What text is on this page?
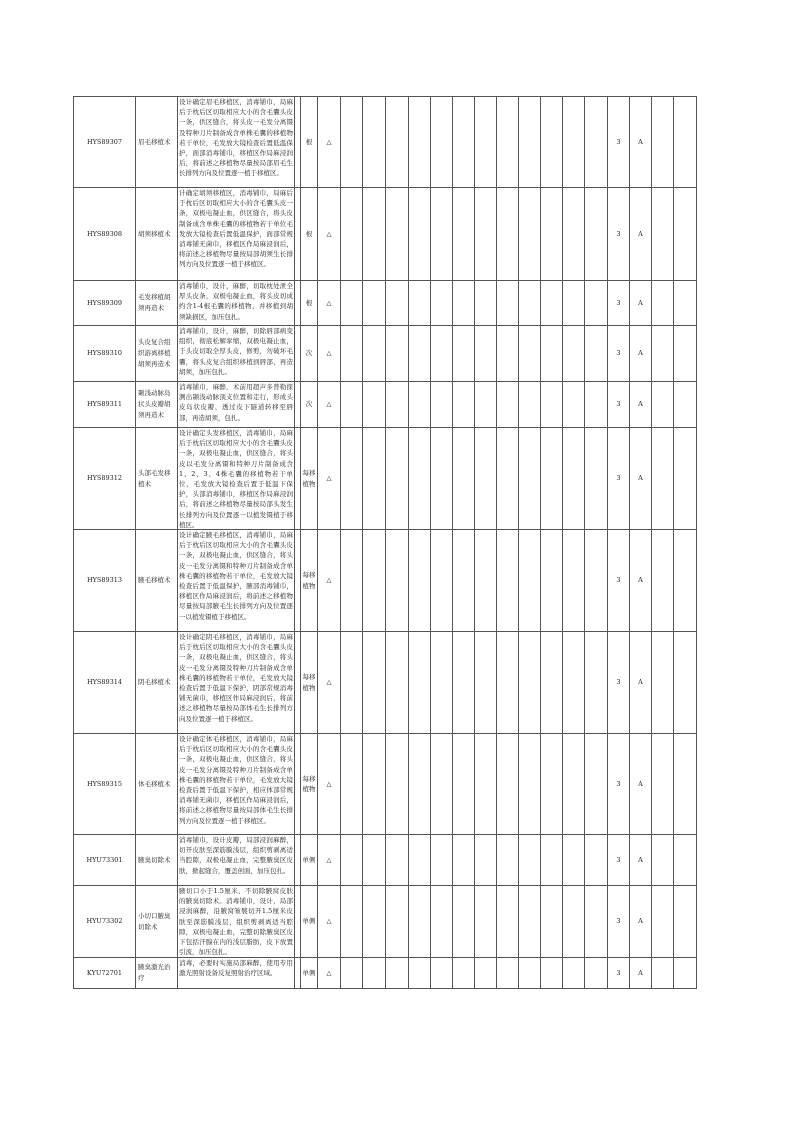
HYS89307	眉毛移植术	设计确定眉毛移植区，消毒铺巾，局麻后于枕后区切取相应大小的含毛囊头皮一条，供区缝合，将头皮一毛发分离镊及特种刀片制备成含单株毛囊的移植物若干单位，毛发放大镜检查后置低温保护，面部消毒铺巾，移植区作局麻浸润后，将前述之移植物尽量按局部眉毛生长排列方向及位置逐一植于移植区。		根	△													3	A		
HYS89308	胡须移植术	计确定胡须移植区，消毒铺巾，局麻后于枕后区切取相应大小的含毛囊头皮一条，双极电凝止血，供区缝合，将头皮制备成含单株毛囊的移植物若干单位毛发放大镜检查后置低温保护，面部常规消毒铺无菌巾，移植区作局麻浸润后，将前述之移植物尽量按局部胡须生长排列方向及位置逐一植于移植区。		根	△													3	A		
HYS89309	毛发移植胡须再造术	消毒铺巾，设计，麻醉，切取枕处泄全厚头皮条，双极电凝止血，将头皮切成约含1-4根毛囊的移植物，并移植到胡须缺损区，加压包扎。		根	△													3	A		
HYS89310	头皮复合组织游离移植胡须再造术	消毒铺巾，设计，麻醉，切除唇部病变组织，彻底松解挛缩，双极电凝止血，于头皮切取全厚头皮，修剪，勿破坏毛囊，将头皮复合组织移植到唇部，再造胡须，加压包扎。		次	△													3	A		
HYS89311	颞浅动脉岛状头皮瓣胡须再造术	消毒铺巾，麻醉，术前用超声多普勒探测出颞浅动脉顶支位置和走行，形成头皮岛状皮瓣，透过皮下隧道转移至唇部，再造胡须，包扎。		次	△													3	A		
HYS89312	头部毛发移植术	设计确定头发移植区，消毒铺巾，局麻后于枕后区切取相应大小的含毛囊头皮一条，双极电凝止血，供区缝合，将头皮以毛发分离镊和特种刀片制备成含1、2、3、4株毛囊的移植物若干单位，毛发放大镜检查后置于低温下保护，头部消毒铺巾，移植区作局麻浸润后，将前述之移植物尽量按局部头发生长排列方向及位置逐一以植发镊植于移植区。		每移植物	△													3	A		
HYS89313	腋毛移植术	设计确定腋毛移植区，消毒铺巾，局麻后于枕后区切取相应大小的含毛囊头皮一条，双极电凝止血，供区缝合，将头皮一毛发分离镊和特种刀片制备成含单株毛囊的移植物若干单位，毛发放大镜检查后置于低温保护，腋部消毒铺巾，移植区作局麻浸润后，将前述之移植物尽量按局部腋毛生长排列方向及位置逐一以植发镊植于移植区。		每移植物	△													3	A		
HYS89314	阴毛移植术	设计确定阴毛移植区，消毒铺巾，局麻后于枕后区切取相应大小的含毛囊头皮一条，双极电凝止血，供区缝合，将头皮一毛发分离镊及特种刀片制备成含单株毛囊的移植物若干单位，毛发放大镜检查后置于低温下保护，阴部常规消毒铺无菌巾，移植区作局麻浸润后，将前述之移植物尽量按局部体毛生长排列方向及位置逐一植于移植区。		每移植物	△													3	A		
HYS89315	体毛移植术	设计确定体毛移植区，消毒铺巾，局麻后于枕后区切取相应大小的含毛囊头皮一条，双极电凝止血，供区缝合，将头皮一毛发分离镊及特种刀片制备成含单株毛囊的移植物若干单位，毛发放大镜检查后置于低温下保护，相应体部常规消毒铺无菌巾，移植区作局麻浸润后，将前述之移植物尽量按局部体毛生长排列方向及位置逐一植于移植区。		每移植物	△													3	A		
HYU73301	腋臭切除术	消毒铺巾，设计皮瓣，局部浸润麻醉，切开皮肤至深筋膜浅层，组织剪剥离适当腔隙，双极电凝止血，完整腋臭区皮肤，掀起缝合，覆盖创面，加压包扎。		单侧	△													3	A		
HYU73302	小切口腋臭切除术	腋切口小于1.5厘米、不切除腋窝皮肤的腋臭切除术。消毒铺巾，设计，局部浸润麻醉，沿腋窝皱襞切开1.5厘米皮肤至深筋膜浅层，组织剪剥离适当腔隙，双极电凝止血，完整切除腋臭区皮下包括汗腺在内的浅层脂肪，皮下放置引流，加压包扎。		单侧	△													3	A		
KYU72701	腋臭激光治疗	消毒，必要时实施局部麻醉，使用专用激光照射设备反复照射治疗区域。		单侧	△													3	A		
